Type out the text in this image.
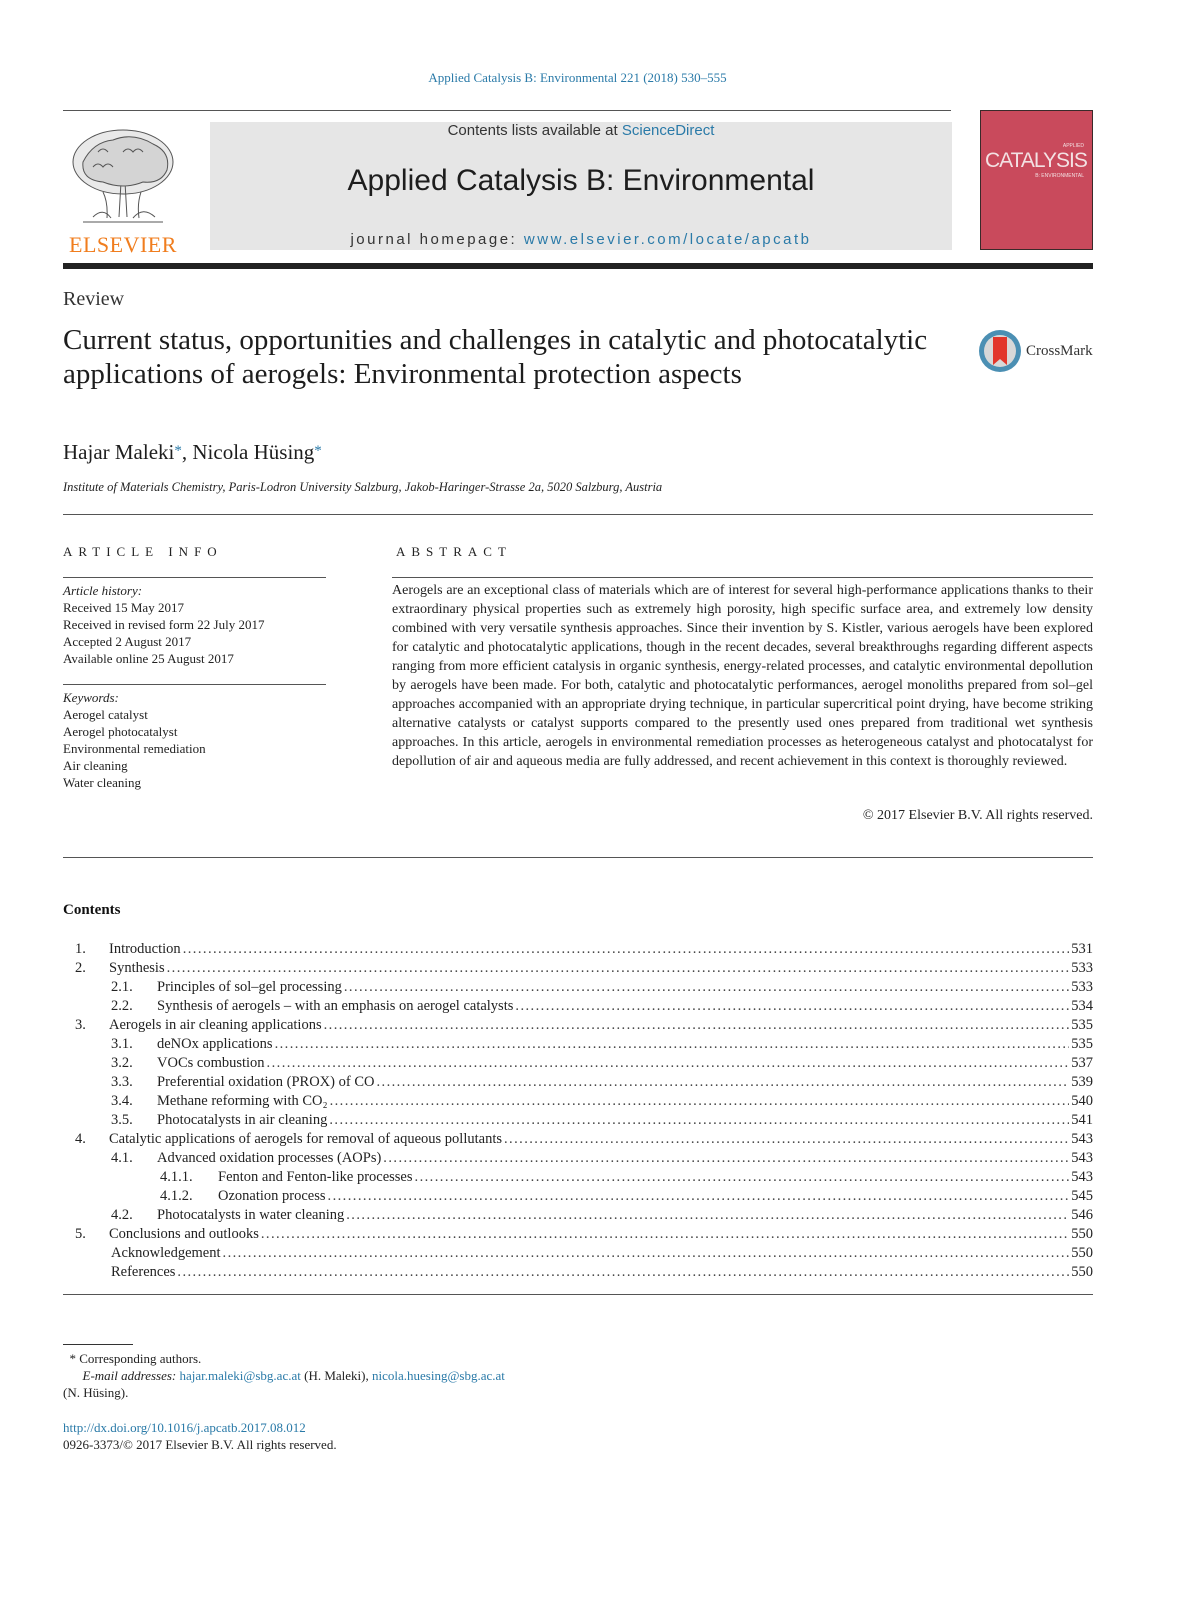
Applied Catalysis B: Environmental 221 (2018) 530–555
ELSEVIER
Contents lists available at ScienceDirect
Applied Catalysis B: Environmental
journal homepage: www.elsevier.com/locate/apcatb
APPLIED
CATALYSIS
B: ENVIRONMENTAL
Review
Current status, opportunities and challenges in catalytic and photocatalytic applications of aerogels: Environmental protection aspects
CrossMark
Hajar Maleki*, Nicola Hüsing*
Institute of Materials Chemistry, Paris-Lodron University Salzburg, Jakob-Haringer-Strasse 2a, 5020 Salzburg, Austria
ARTICLE INFO	ABSTRACT
Article history:
Received 15 May 2017
Received in revised form 22 July 2017
Accepted 2 August 2017
Available online 25 August 2017
Keywords:
Aerogel catalyst
Aerogel photocatalyst
Environmental remediation
Air cleaning
Water cleaning
Aerogels are an exceptional class of materials which are of interest for several high-performance applications thanks to their extraordinary physical properties such as extremely high porosity, high specific surface area, and extremely low density combined with very versatile synthesis approaches. Since their invention by S. Kistler, various aerogels have been explored for catalytic and photocatalytic applications, though in the recent decades, several breakthroughs regarding different aspects ranging from more efficient catalysis in organic synthesis, energy-related processes, and catalytic environmental depollution by aerogels have been made. For both, catalytic and photocatalytic performances, aerogel monoliths prepared from sol–gel approaches accompanied with an appropriate drying technique, in particular supercritical point drying, have become striking alternative catalysts or catalyst supports compared to the presently used ones prepared from traditional wet synthesis approaches. In this article, aerogels in environmental remediation processes as heterogeneous catalyst and photocatalyst for depollution of air and aqueous media are fully addressed, and recent achievement in this context is thoroughly reviewed.
© 2017 Elsevier B.V. All rights reserved.
Contents
1.	Introduction . . .	531
2.	Synthesis . . .	533
2.1.	Principles of sol–gel processing . . .	533
2.2.	Synthesis of aerogels – with an emphasis on aerogel catalysts . . .	534
3.	Aerogels in air cleaning applications . . .	535
3.1.	deNOx applications . . .	535
3.2.	VOCs combustion . . .	537
3.3.	Preferential oxidation (PROX) of CO . . .	539
3.4.	Methane reforming with CO₂ . . .	540
3.5.	Photocatalysts in air cleaning . . .	541
4.	Catalytic applications of aerogels for removal of aqueous pollutants . . .	543
4.1.	Advanced oxidation processes (AOPs) . . .	543
4.1.1.	Fenton and Fenton-like processes . . .	543
4.1.2.	Ozonation process . . .	545
4.2.	Photocatalysts in water cleaning . . .	546
5.	Conclusions and outlooks . . .	550
Acknowledgement . . .	550
References . . .	550
* Corresponding authors.
E-mail addresses: hajar.maleki@sbg.ac.at (H. Maleki), nicola.huesing@sbg.ac.at
(N. Hüsing).
http://dx.doi.org/10.1016/j.apcatb.2017.08.012
0926-3373/© 2017 Elsevier B.V. All rights reserved.
